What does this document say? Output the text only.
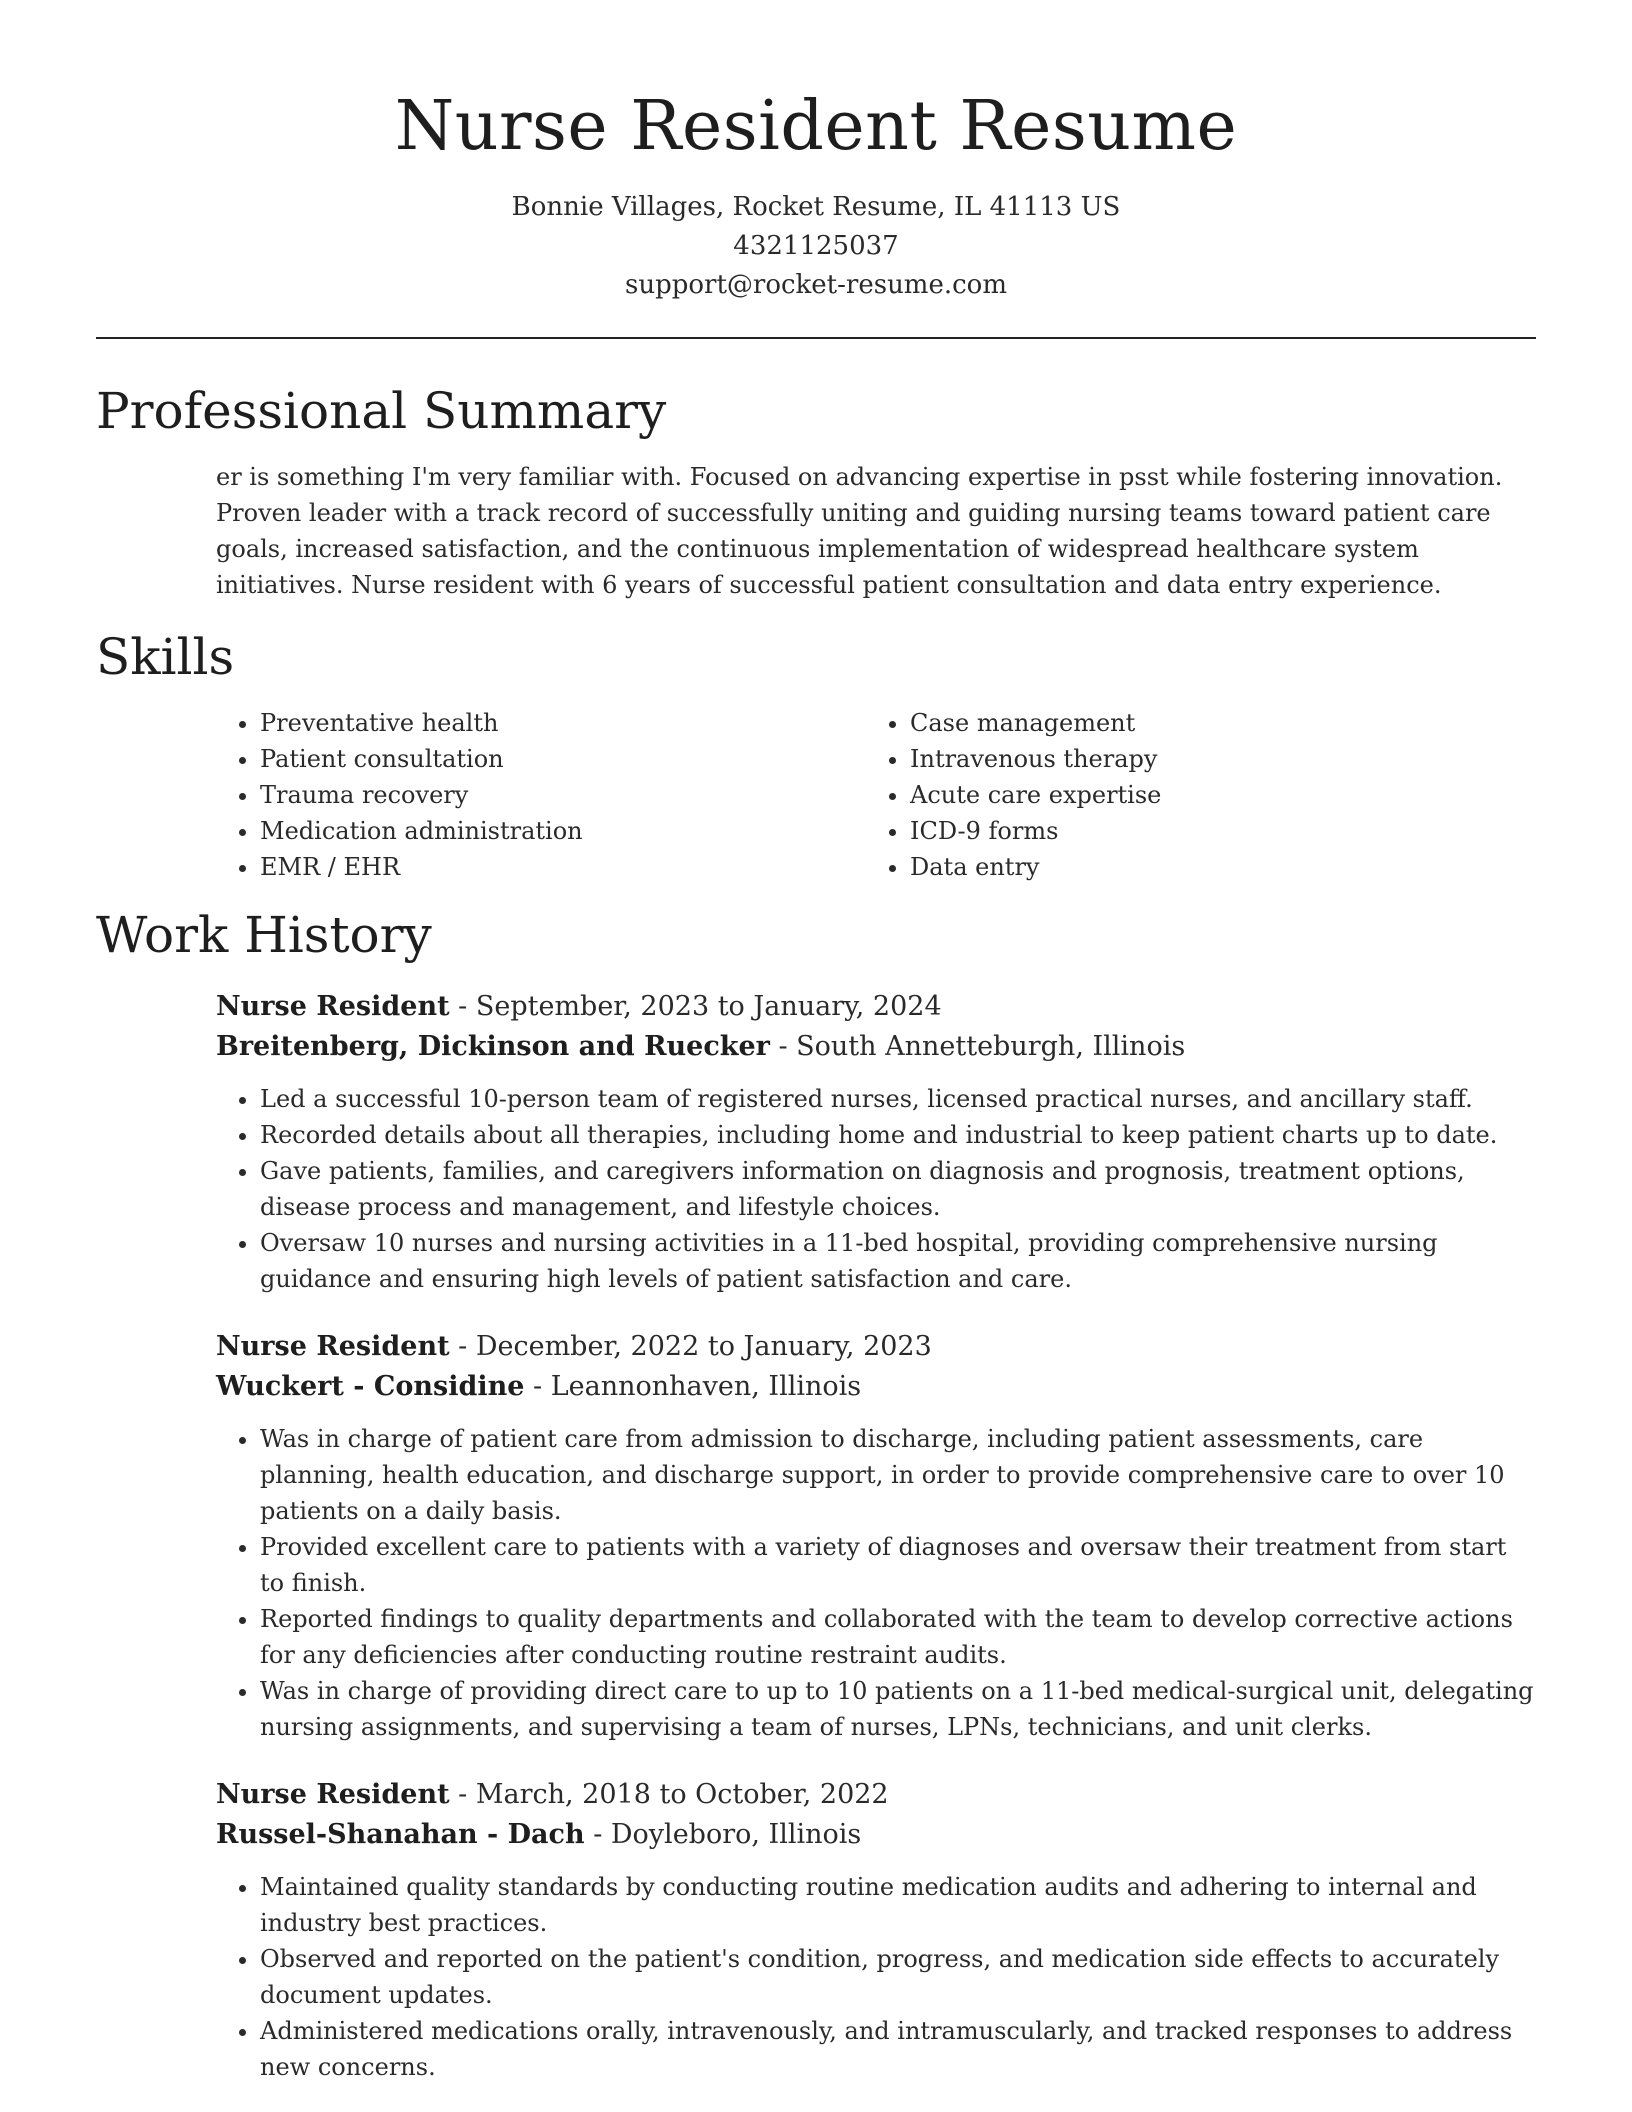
Nurse Resident Resume
Bonnie Villages, Rocket Resume, IL 41113 US
4321125037
support@rocket-resume.com
Professional Summary

er is something I'm very familiar with. Focused on advancing expertise in psst while fostering innovation. Proven leader with a track record of successfully uniting and guiding nursing teams toward patient care goals, increased satisfaction, and the continuous implementation of widespread healthcare system initiatives. Nurse resident with 6 years of successful patient consultation and data entry experience.

Skills
• Preventative health
• Patient consultation
• Trauma recovery
• Medication administration
• EMR / EHR
• Case management
• Intravenous therapy
• Acute care expertise
• ICD-9 forms
• Data entry
Work History
Nurse Resident - September, 2023 to January, 2024
Breitenberg, Dickinson and Ruecker - South Annetteburgh, Illinois
• Led a successful 10-person team of registered nurses, licensed practical nurses, and ancillary staff.
• Recorded details about all therapies, including home and industrial to keep patient charts up to date.
• Gave patients, families, and caregivers information on diagnosis and prognosis, treatment options, disease process and management, and lifestyle choices.
• Oversaw 10 nurses and nursing activities in a 11-bed hospital, providing comprehensive nursing guidance and ensuring high levels of patient satisfaction and care.
Nurse Resident - December, 2022 to January, 2023
Wuckert - Considine - Leannonhaven, Illinois
• Was in charge of patient care from admission to discharge, including patient assessments, care planning, health education, and discharge support, in order to provide comprehensive care to over 10 patients on a daily basis.
• Provided excellent care to patients with a variety of diagnoses and oversaw their treatment from start to finish.
• Reported findings to quality departments and collaborated with the team to develop corrective actions for any deficiencies after conducting routine restraint audits.
• Was in charge of providing direct care to up to 10 patients on a 11-bed medical-surgical unit, delegating nursing assignments, and supervising a team of nurses, LPNs, technicians, and unit clerks.
Nurse Resident - March, 2018 to October, 2022
Russel-Shanahan - Dach - Doyleboro, Illinois
• Maintained quality standards by conducting routine medication audits and adhering to internal and industry best practices.
• Observed and reported on the patient's condition, progress, and medication side effects to accurately document updates.
• Administered medications orally, intravenously, and intramuscularly, and tracked responses to address new concerns.
